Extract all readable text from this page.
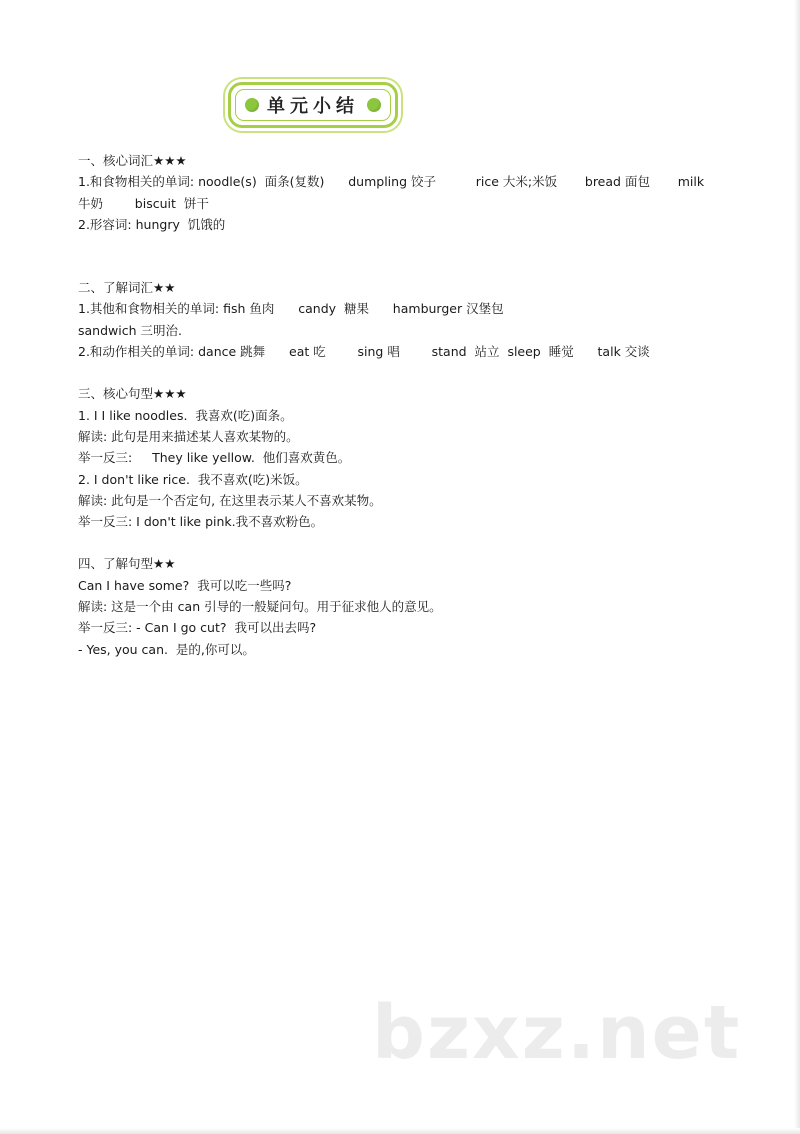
单元小结
一、核心词汇★★★
1.和食物相关的单词: noodle(s)  面条(复数)      dumpling 饺子          rice 大米;米饭       bread 面包       milk
牛奶        biscuit  饼干
2.形容词: hungry  饥饿的
二、了解词汇★★
1.其他和食物相关的单词: fish 鱼肉      candy  糖果      hamburger 汉堡包
sandwich 三明治.
2.和动作相关的单词: dance 跳舞      eat 吃        sing 唱        stand  站立  sleep  睡觉      talk 交谈
三、核心句型★★★
1. I I like noodles.  我喜欢(吃)面条。
解读: 此句是用来描述某人喜欢某物的。
举一反三:     They like yellow.  他们喜欢黄色。
2. I don't like rice.  我不喜欢(吃)米饭。
解读: 此句是一个否定句, 在这里表示某人不喜欢某物。
举一反三: I don't like pink.我不喜欢粉色。
四、了解句型★★
Can I have some?  我可以吃一些吗?
解读: 这是一个由 can 引导的一般疑问句。用于征求他人的意见。
举一反三: - Can I go cut?  我可以出去吗?
- Yes, you can.  是的,你可以。
bzxz.net
